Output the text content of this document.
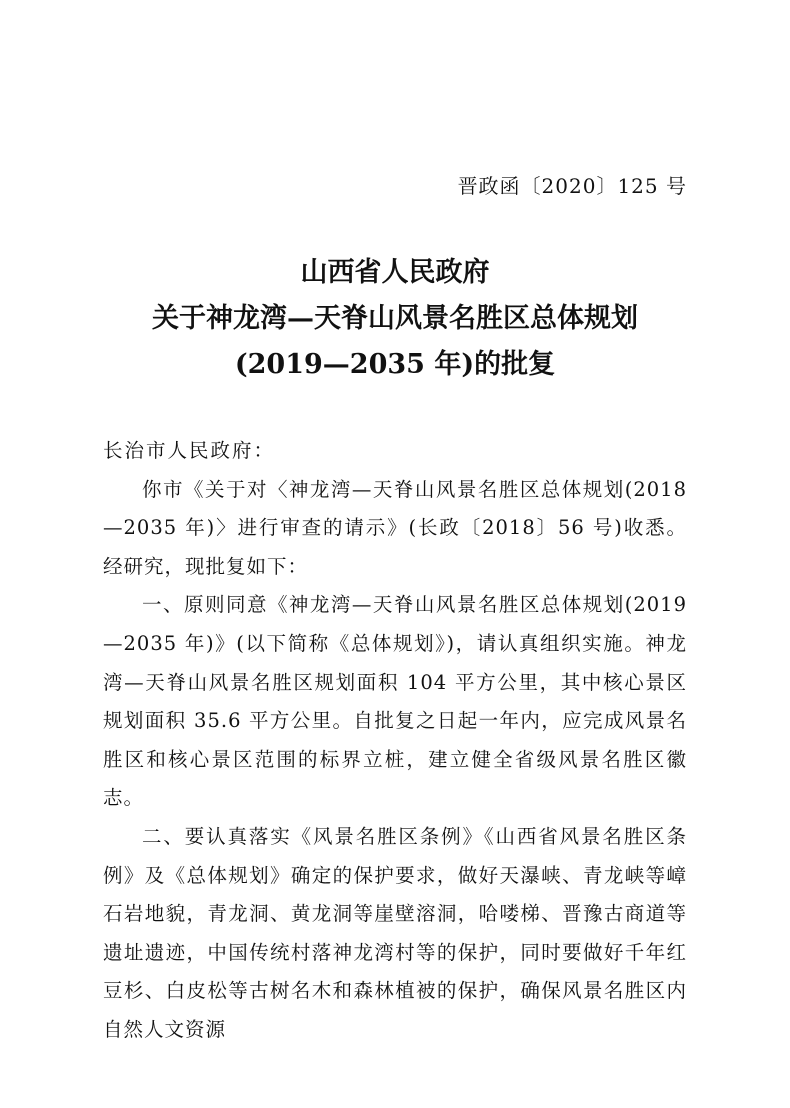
晋政函〔2020〕125 号
山西省人民政府
关于神龙湾—天脊山风景名胜区总体规划
(2019—2035 年)的批复

长治市人民政府：

你市《关于对〈神龙湾—天脊山风景名胜区总体规划(2018—2035 年)〉进行审查的请示》(长政〔2018〕56 号)收悉。经研究，现批复如下：

一、原则同意《神龙湾—天脊山风景名胜区总体规划(2019—2035 年)》(以下简称《总体规划》)，请认真组织实施。神龙湾—天脊山风景名胜区规划面积 104 平方公里，其中核心景区规划面积 35.6 平方公里。自批复之日起一年内，应完成风景名胜区和核心景区范围的标界立桩，建立健全省级风景名胜区徽志。

二、要认真落实《风景名胜区条例》《山西省风景名胜区条例》及《总体规划》确定的保护要求，做好天瀑峡、青龙峡等嶂石岩地貌，青龙洞、黄龙洞等崖壁溶洞，哈喽梯、晋豫古商道等遗址遗迹，中国传统村落神龙湾村等的保护，同时要做好千年红豆杉、白皮松等古树名木和森林植被的保护，确保风景名胜区内自然人文资源
